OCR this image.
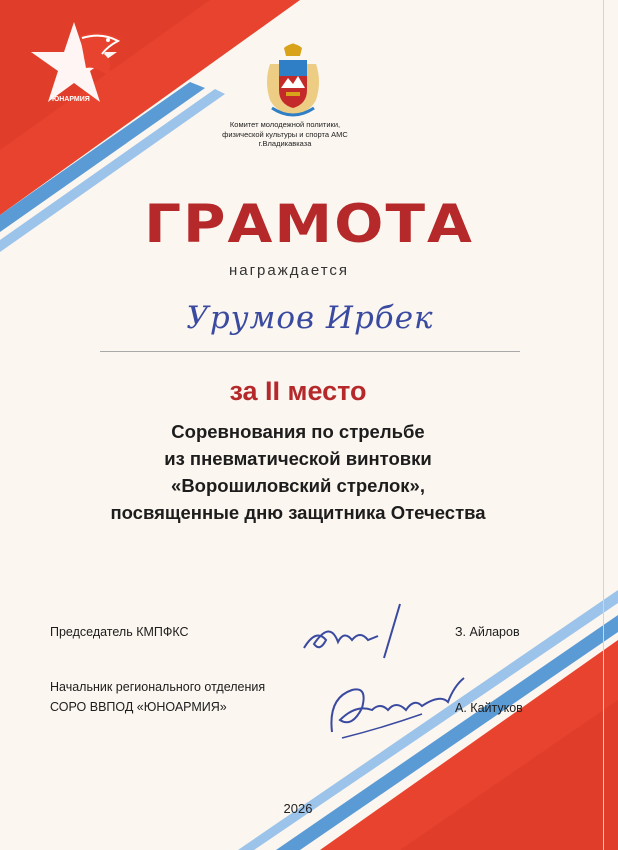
ЮНАРМИЯ
Комитет молодежной политики,
физической культуры и спорта АМС
г.Владикавказа
ГРАМОТА
награждается
Урумов Ирбек
за II место
Соревнования по стрельбе
из пневматической винтовки
«Ворошиловский стрелок»,
посвященные дню защитника Отечества
Председатель КМПФКС	З. Айларов
Начальник регионального отделения
СОРО ВВПОД «ЮНОАРМИЯ»	А. Кайтуков
2026
